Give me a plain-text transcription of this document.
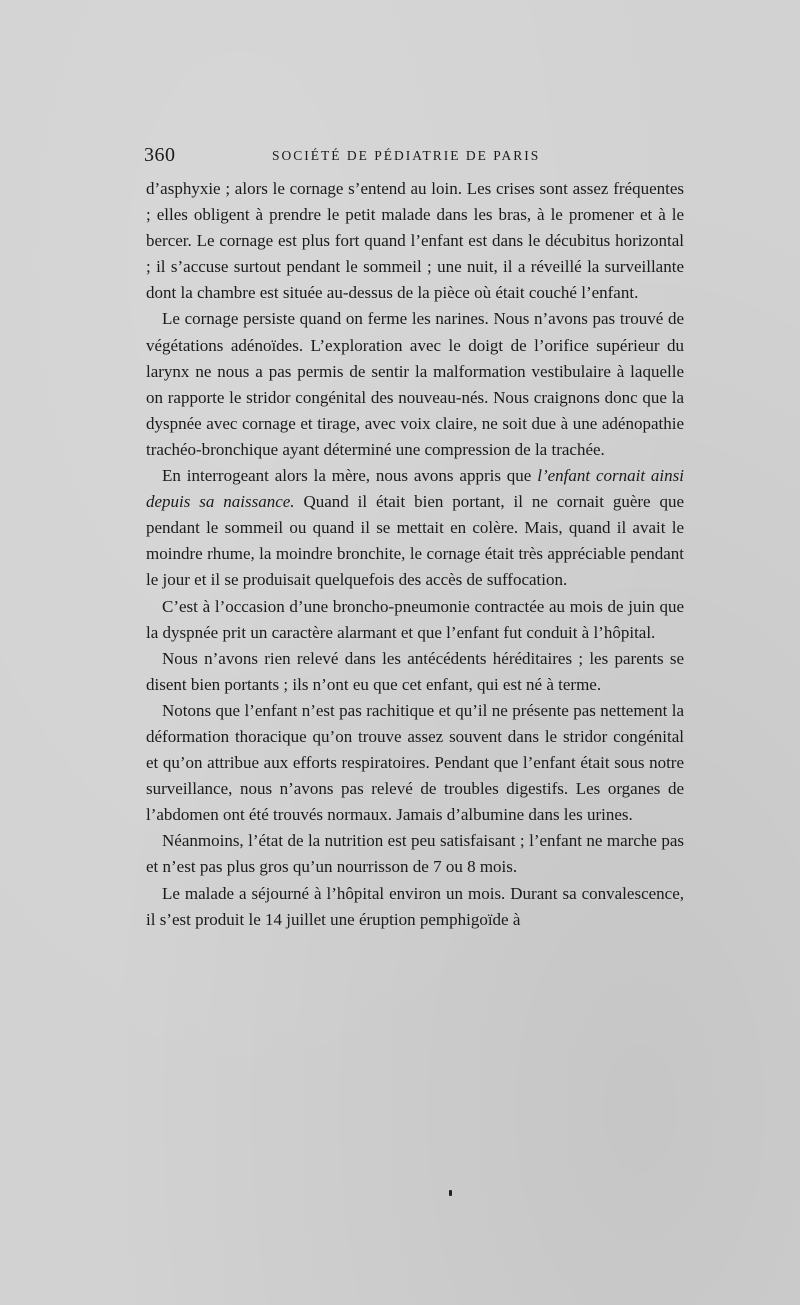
360	SOCIÉTÉ DE PÉDIATRIE DE PARIS

d’asphyxie ; alors le cornage s’entend au loin. Les crises sont assez fréquentes ; elles obligent à prendre le petit malade dans les bras, à le promener et à le bercer. Le cornage est plus fort quand l’enfant est dans le décubitus horizontal ; il s’accuse surtout pendant le sommeil ; une nuit, il a réveillé la surveillante dont la chambre est située au-dessus de la pièce où était couché l’enfant.

Le cornage persiste quand on ferme les narines. Nous n’avons pas trouvé de végétations adénoïdes. L’exploration avec le doigt de l’orifice supérieur du larynx ne nous a pas permis de sentir la malformation vestibulaire à laquelle on rapporte le stridor congénital des nouveau-nés. Nous craignons donc que la dyspnée avec cornage et tirage, avec voix claire, ne soit due à une adénopathie trachéo-bronchique ayant déterminé une compression de la trachée.

En interrogeant alors la mère, nous avons appris que l’enfant cornait ainsi depuis sa naissance. Quand il était bien portant, il ne cornait guère que pendant le sommeil ou quand il se mettait en colère. Mais, quand il avait le moindre rhume, la moindre bronchite, le cornage était très appréciable pendant le jour et il se produisait quelquefois des accès de suffocation.

C’est à l’occasion d’une broncho-pneumonie contractée au mois de juin que la dyspnée prit un caractère alarmant et que l’enfant fut conduit à l’hôpital.

Nous n’avons rien relevé dans les antécédents héréditaires ; les parents se disent bien portants ; ils n’ont eu que cet enfant, qui est né à terme.

Notons que l’enfant n’est pas rachitique et qu’il ne présente pas nettement la déformation thoracique qu’on trouve assez souvent dans le stridor congénital et qu’on attribue aux efforts respiratoires. Pendant que l’enfant était sous notre surveillance, nous n’avons pas relevé de troubles digestifs. Les organes de l’abdomen ont été trouvés normaux. Jamais d’albumine dans les urines.

Néanmoins, l’état de la nutrition est peu satisfaisant ; l’enfant ne marche pas et n’est pas plus gros qu’un nourrisson de 7 ou 8 mois.

Le malade a séjourné à l’hôpital environ un mois. Durant sa convalescence, il s’est produit le 14 juillet une éruption pemphigoïde à
